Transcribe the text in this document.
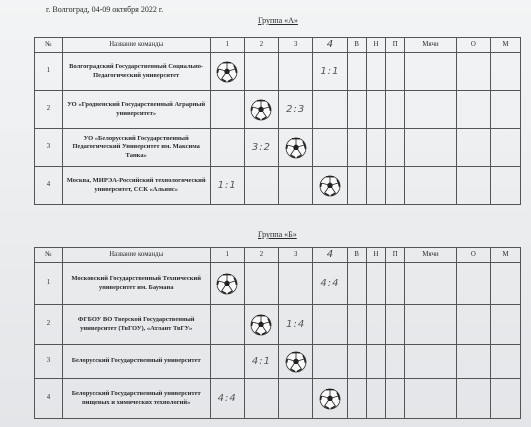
г. Волгоград, 04-09 октября 2022 г.
Группа «А»
№	Название команды	1	2	3	4	В	Н	П	Мячи	О	М
1	Волгоградский Государственный Социально-Педагогический университет				1:1						
2	УО «Гродненский Государственный Аграрный университет»			2:3							
3	УО «Белорусский Государственный Педагогический Университет им. Максима Танка»		3:2								
4	Москва, МИРЭА-Российский технологический университет, ССК «Альянс»	1:1									
Группа «Б»
№	Название команды	1	2	3	4	В	Н	П	Мячи	О	М
1	Московский Государственный Технический университет им. Баумана				4:4						
2	ФГБОУ ВО Тверской Государственный университет (ТвГОУ), «Атлант ТвГУ»			1:4							
3	Белорусский Государственный университет		4:1								
4	Белорусский Государственный университет пищевых и химических технологий»	4:4									
